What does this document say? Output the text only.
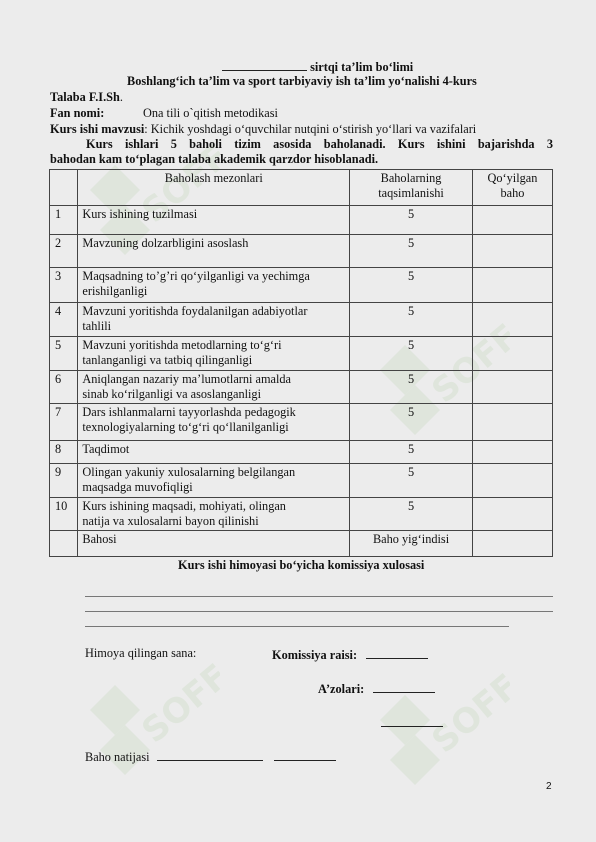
SOFF
SOFF
SOFF	SOFF
sirtqi ta’lim bo‘limi
Boshlang‘ich ta’lim va sport tarbiyaviy ish ta’lim yo‘nalishi 4-kurs
Talaba F.I.Sh.
Fan nomi:	Ona tili o`qitish metodikasi
Kurs ishi mavzusi: Kichik yoshdagi o‘quvchilar nutqini o‘stirish yo‘llari va vazifalari
Kurs ishlari 5 baholi tizim asosida baholanadi. Kurs ishini bajarishda 3
bahodan kam to‘plagan talaba akademik qarzdor hisoblanadi.
	Baholash mezonlari	Baholarning
taqsimlanishi	Qo‘yilgan
baho
1	Kurs ishining tuzilmasi	5	
2	Mavzuning dolzarbligini asoslash	5	
3	Maqsadning to’g’ri qo‘yilganligi va yechimga
erishilganligi	5	
4	Mavzuni yoritishda foydalanilgan adabiyotlar
tahlili	5	
5	Mavzuni yoritishda metodlarning to‘g‘ri
tanlanganligi va tatbiq qilinganligi	5	
6	Aniqlangan nazariy ma’lumotlarni amalda
sinab ko‘rilganligi va asoslanganligi	5	
7	Dars ishlanmalarni tayyorlashda pedagogik
texnologiyalarning to‘g‘ri qo‘llanilganligi	5	
8	Taqdimot	5	
9	Olingan yakuniy xulosalarning belgilangan
maqsadga muvofiqligi	5	
10	Kurs ishining maqsadi, mohiyati, olingan
natija va xulosalarni bayon qilinishi	5	
	Bahosi	Baho yig‘indisi	
Kurs ishi himoyasi bo‘yicha komissiya xulosasi
Himoya qilingan sana:	Komissiya raisi:
A’zolari:
Baho natijasi
2
